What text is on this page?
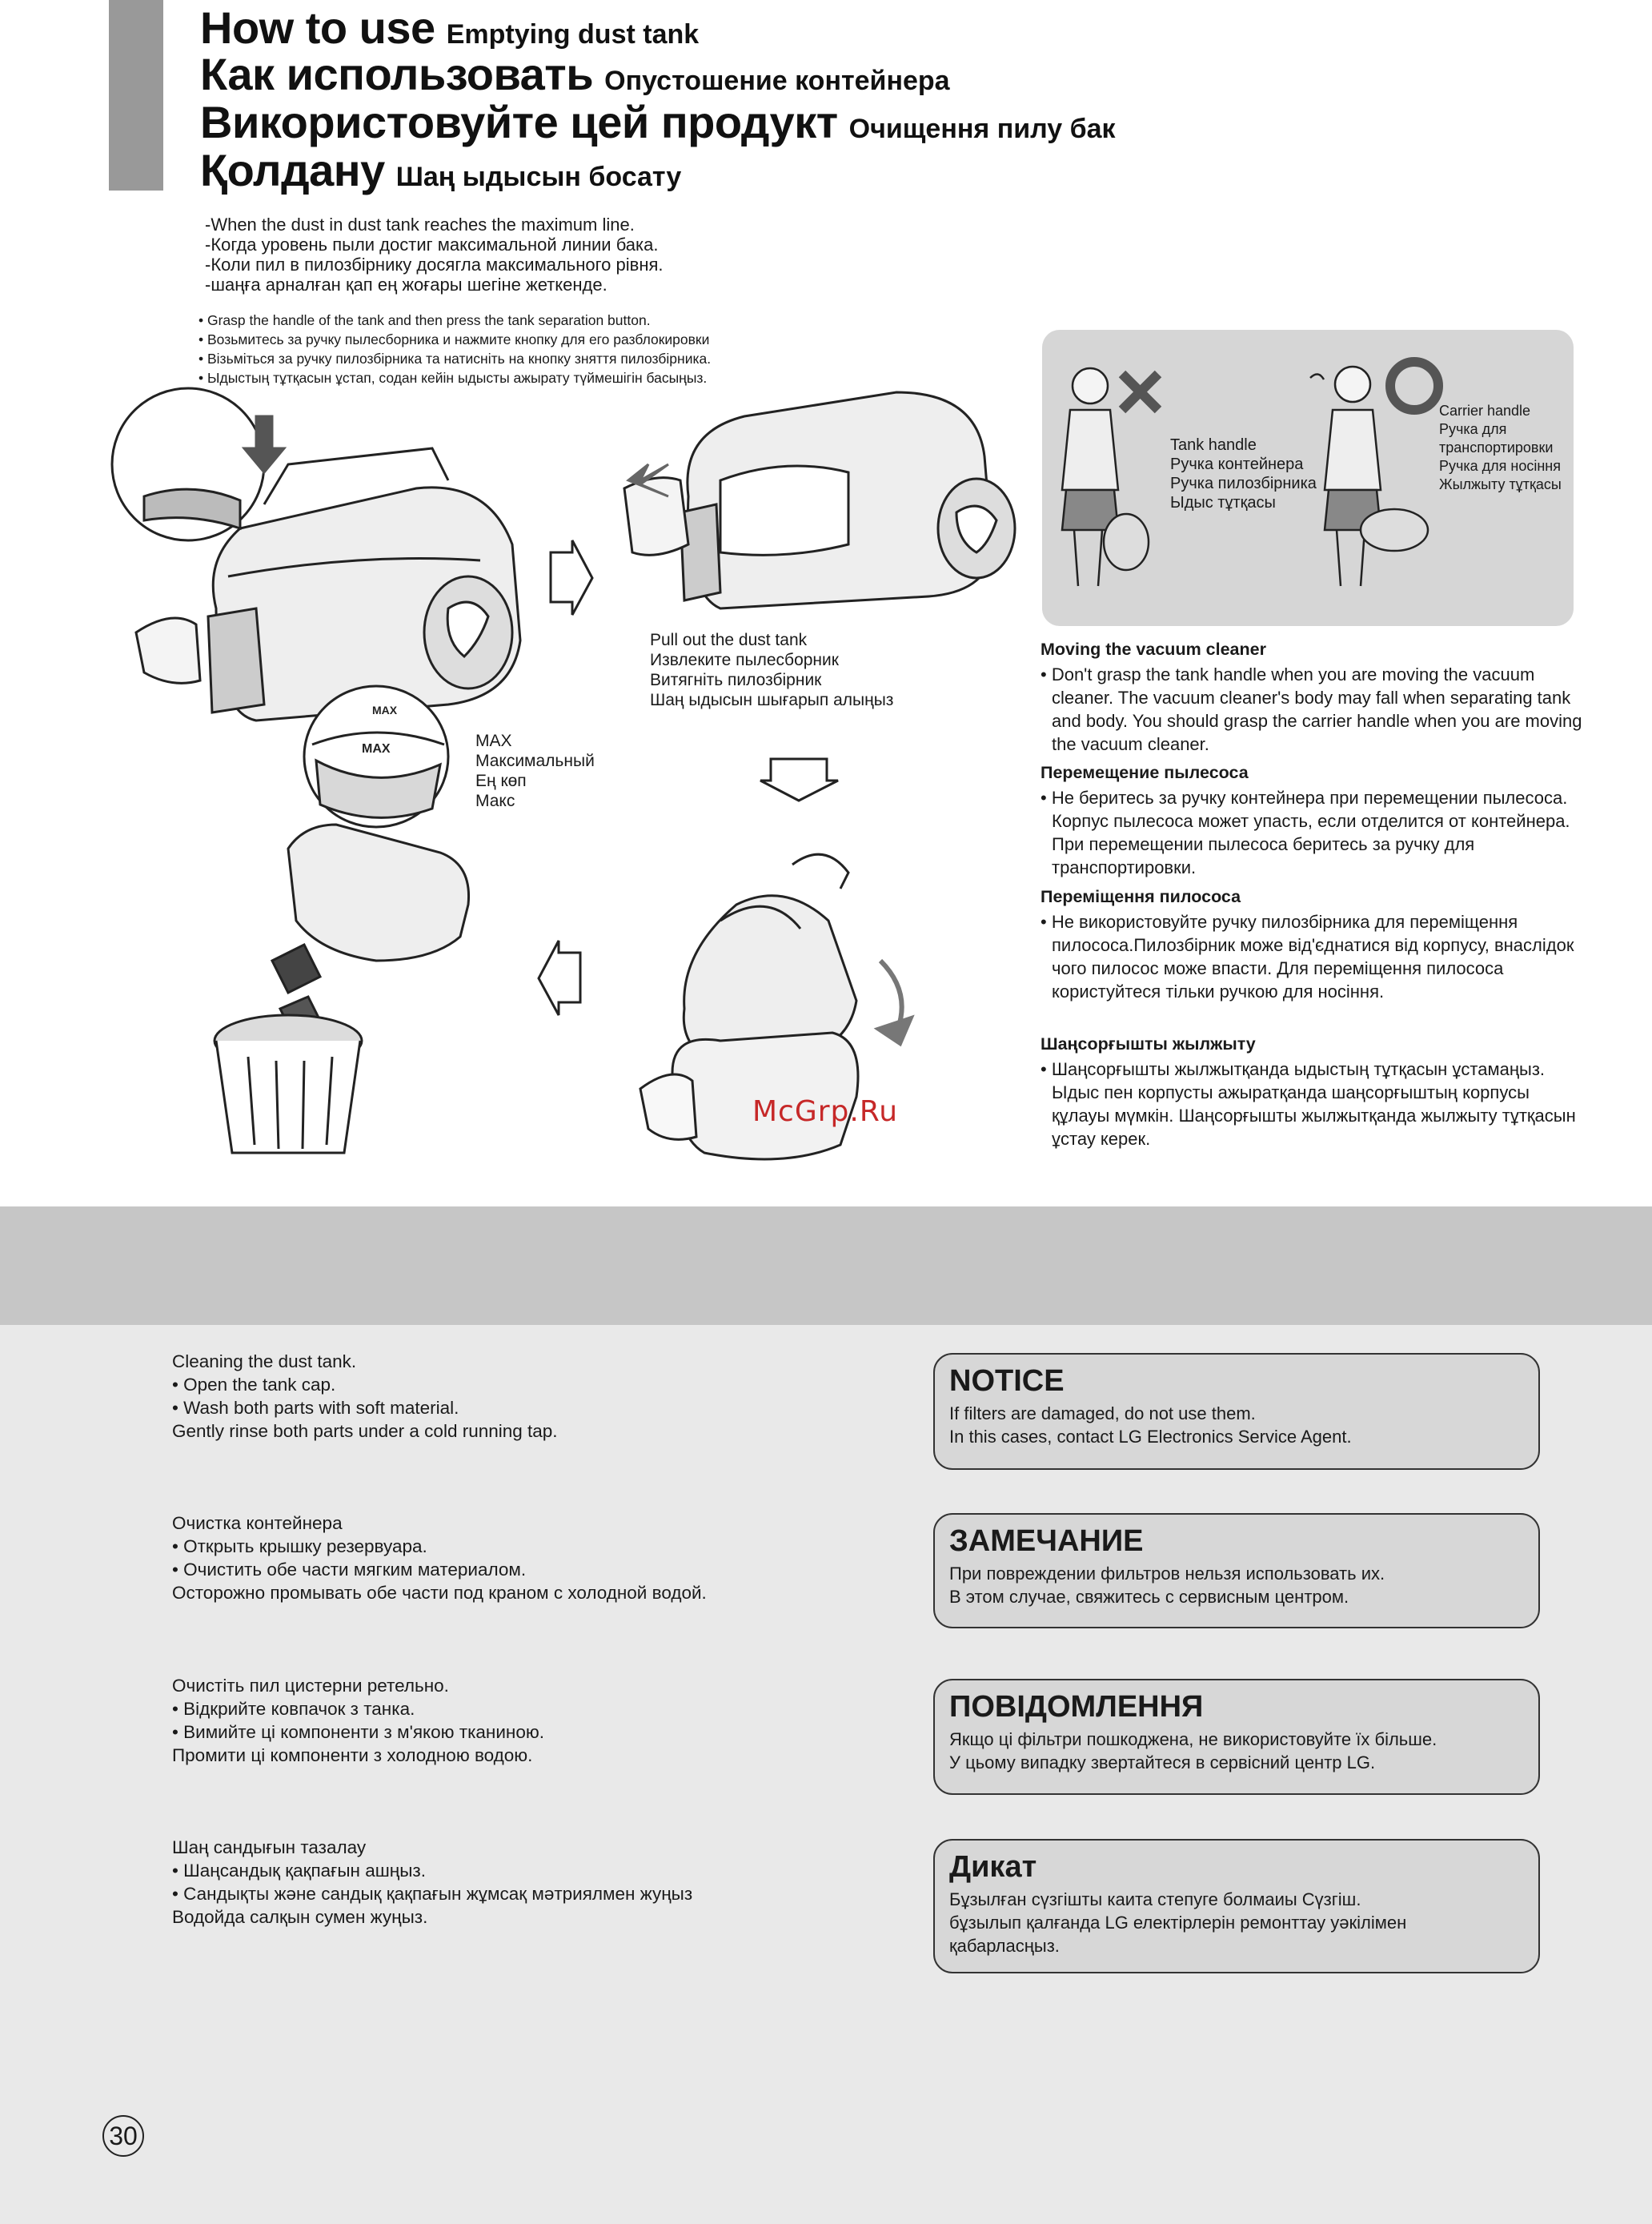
How to use Emptying dust tank
Как использовать Опустошение контейнера
Використовуйте цей продукт Очищення пилу бак
Қолдану Шаң ыдысын босату
-When the dust in dust tank reaches the maximum line.
-Когда уровень пыли достиг максимальной линии бака.
-Коли пил в пилозбірнику досягла максимального рівня.
-шаңға арналған қап ең жоғары шегіне жеткенде.
• Grasp the handle of the tank and then press the tank separation button.
• Возьмитесь за ручку пылесборника и нажмите кнопку для его разблокировки
• Візьміться за ручку пилозбірника та натисніть на кнопку зняття пилозбірника.
• Ыдыстың тұтқасын ұстап, содан кейін ыдысты ажырату түймешігін басыңыз.
MAX
MAX
Pull out the dust tank
Извлеките пылесборник
Витягніть пилозбірник
Шаң ыдысын шығарып алыңыз
MAX
Максимальный
Ең көп
Макс
Tank handle
Ручка контейнера
Ручка пилозбірника
Ыдыс тұтқасы
Carrier handle
Ручка для
транспортировки
Ручка для носіння
Жылжыту тұтқасы
Moving the vacuum cleaner
• Don't grasp the tank handle when you are moving the vacuum cleaner. The vacuum cleaner's body may fall when separating tank and body. You should grasp the carrier handle when you are moving the vacuum cleaner.
Перемещение пылесоса
• Не беритесь за ручку контейнера при перемещении пылесоса. Корпус пылесоса может упасть, если отделится от контейнера. При перемещении пылесоса беритесь за ручку для транспортировки.
Переміщення пилососа
• Не використовуйте ручку пилозбірника для переміщення пилососа.Пилозбірник може від'єднатися від корпусу, внаслідок чого пилосос може впасти. Для переміщення пилососа користуйтеся тільки ручкою для носіння.
Шаңсорғышты жылжыту
• Шаңсорғышты жылжытқанда ыдыстың тұтқасын ұстамаңыз. Ыдыс пен корпусты ажыратқанда шаңсорғыштың корпусы құлауы мүмкін. Шаңсорғышты жылжытқанда жылжыту тұтқасын ұстау керек.
McGrp.Ru
Cleaning the dust tank.
• Open the tank cap.
• Wash both parts with soft material.
Gently rinse both parts under a cold running tap.
Очистка контейнера
• Открыть крышку резервуара.
• Очистить обе части мягким материалом.
Осторожно промывать обе части под краном с холодной водой.
Очистіть пил цистерни ретельно.
• Відкрийте ковпачок з танка.
• Вимийте ці компоненти з м'якою тканиною.
Промити ці компоненти з холодною водою.
Шаң сандығын тазалау
• Шаңсандық қақпағын ашңыз.
• Сандықты және сандық қақпағын жұмсақ мәтриялмен жуңыз
Водойда салқын сумен жуңыз.
NOTICE
If filters are damaged, do not use them.
In this cases, contact LG Electronics Service Agent.
ЗАМЕЧАНИЕ
При повреждении фильтров нельзя использовать их.
В этом случае, свяжитесь с сервисным центром.
ПОВІДОМЛЕННЯ
Якщо ці фільтри пошкоджена, не використовуйте їх більше.
У цьому випадку звертайтеся в сервісний центр LG.
Дикат
Бұзылған сүзгішты каита степуге болмаиы Сүзгіш.
бұзылып қалғанда LG електірлерін ремонттау уәкілімен
қабарласңыз.
30
